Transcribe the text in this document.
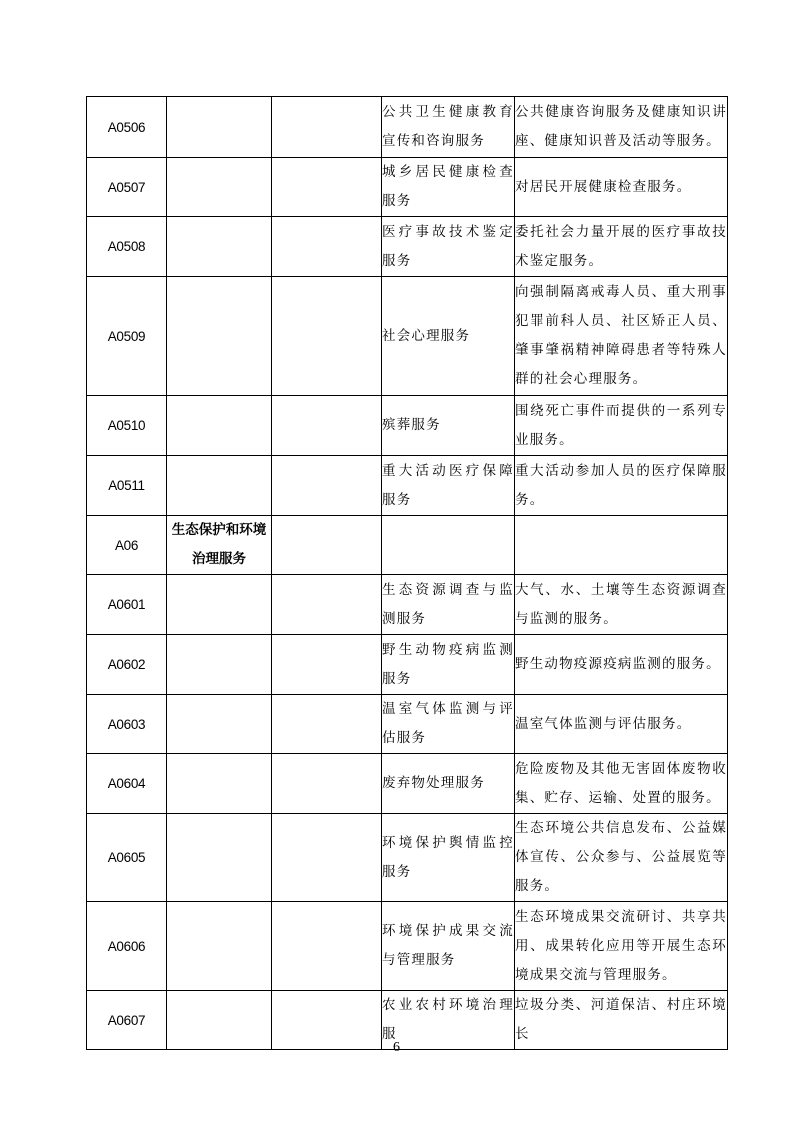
A0506			公共卫生健康教育宣传和咨询服务	公共健康咨询服务及健康知识讲座、健康知识普及活动等服务。
A0507			城乡居民健康检查服务	对居民开展健康检查服务。
A0508			医疗事故技术鉴定服务	委托社会力量开展的医疗事故技术鉴定服务。
A0509			社会心理服务	向强制隔离戒毒人员、重大刑事犯罪前科人员、社区矫正人员、肇事肇祸精神障碍患者等特殊人群的社会心理服务。
A0510			殡葬服务	围绕死亡事件而提供的一系列专业服务。
A0511			重大活动医疗保障服务	重大活动参加人员的医疗保障服务。
A06	生态保护和环境治理服务			
A0601			生态资源调查与监测服务	大气、水、土壤等生态资源调查与监测的服务。
A0602			野生动物疫病监测服务	野生动物疫源疫病监测的服务。
A0603			温室气体监测与评估服务	温室气体监测与评估服务。
A0604			废弃物处理服务	危险废物及其他无害固体废物收集、贮存、运输、处置的服务。
A0605			环境保护舆情监控服务	生态环境公共信息发布、公益媒体宣传、公众参与、公益展览等服务。
A0606			环境保护成果交流与管理服务	生态环境成果交流研讨、共享共用、成果转化应用等开展生态环境成果交流与管理服务。
A0607			农业农村环境治理服	垃圾分类、河道保洁、村庄环境长
6
